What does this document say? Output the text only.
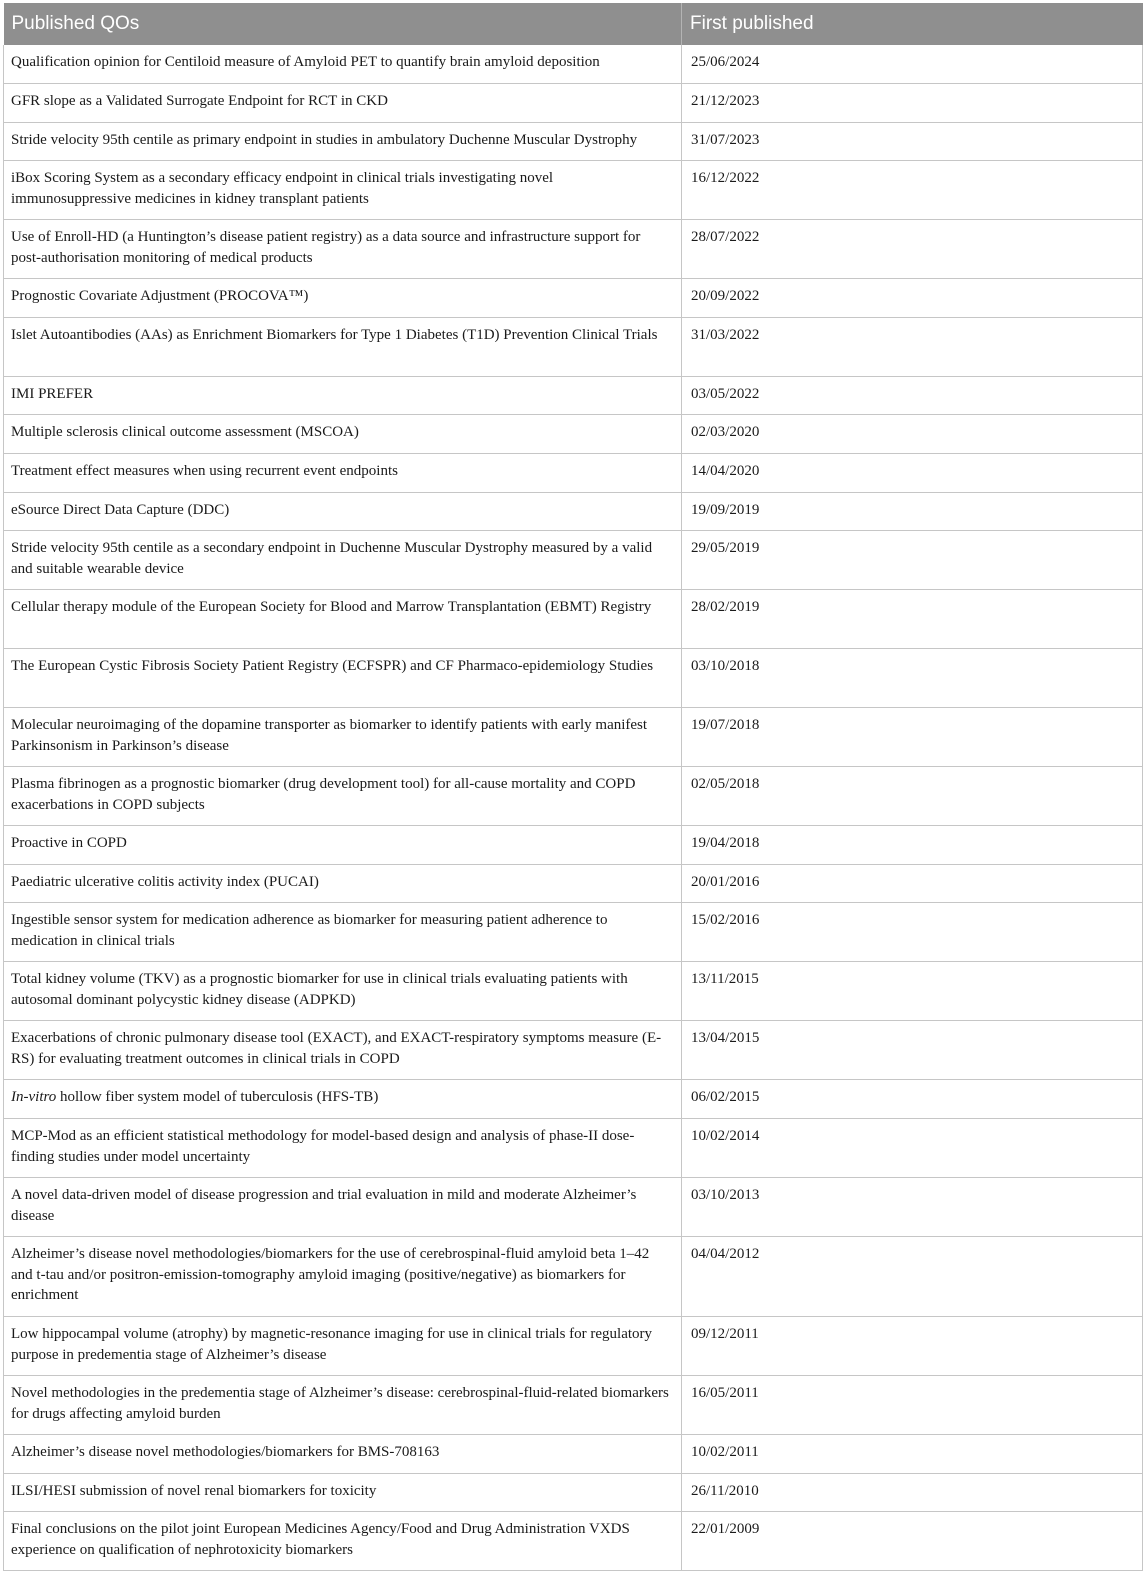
Published QOs	First published
Qualification opinion for Centiloid measure of Amyloid PET to quantify brain amyloid deposition	25/06/2024
GFR slope as a Validated Surrogate Endpoint for RCT in CKD	21/12/2023
Stride velocity 95th centile as primary endpoint in studies in ambulatory Duchenne Muscular Dystrophy	31/07/2023
iBox Scoring System as a secondary efficacy endpoint in clinical trials investigating novel immunosuppressive medicines in kidney transplant patients	16/12/2022
Use of Enroll-HD (a Huntington’s disease patient registry) as a data source and infrastructure support for post-authorisation monitoring of medical products	28/07/2022
Prognostic Covariate Adjustment (PROCOVA™)	20/09/2022
Islet Autoantibodies (AAs) as Enrichment Biomarkers for Type 1 Diabetes (T1D) Prevention Clinical Trials	31/03/2022
IMI PREFER	03/05/2022
Multiple sclerosis clinical outcome assessment (MSCOA)	02/03/2020
Treatment effect measures when using recurrent event endpoints	14/04/2020
eSource Direct Data Capture (DDC)	19/09/2019
Stride velocity 95th centile as a secondary endpoint in Duchenne Muscular Dystrophy measured by a valid and suitable wearable device	29/05/2019
Cellular therapy module of the European Society for Blood and Marrow Transplantation (EBMT) Registry	28/02/2019
The European Cystic Fibrosis Society Patient Registry (ECFSPR) and CF Pharmaco-epidemiology Studies	03/10/2018
Molecular neuroimaging of the dopamine transporter as biomarker to identify patients with early manifest Parkinsonism in Parkinson’s disease	19/07/2018
Plasma fibrinogen as a prognostic biomarker (drug development tool) for all-cause mortality and COPD exacerbations in COPD subjects	02/05/2018
Proactive in COPD	19/04/2018
Paediatric ulcerative colitis activity index (PUCAI)	20/01/2016
Ingestible sensor system for medication adherence as biomarker for measuring patient adherence to medication in clinical trials	15/02/2016
Total kidney volume (TKV) as a prognostic biomarker for use in clinical trials evaluating patients with autosomal dominant polycystic kidney disease (ADPKD)	13/11/2015
Exacerbations of chronic pulmonary disease tool (EXACT), and EXACT-respiratory symptoms measure (E-RS) for evaluating treatment outcomes in clinical trials in COPD	13/04/2015
In-vitro hollow fiber system model of tuberculosis (HFS-TB)	06/02/2015
MCP-Mod as an efficient statistical methodology for model-based design and analysis of phase-II dose-finding studies under model uncertainty	10/02/2014
A novel data-driven model of disease progression and trial evaluation in mild and moderate Alzheimer’s disease	03/10/2013
Alzheimer’s disease novel methodologies/biomarkers for the use of cerebrospinal-fluid amyloid beta 1–42 and t-tau and/or positron-emission-tomography amyloid imaging (positive/negative) as biomarkers for enrichment	04/04/2012
Low hippocampal volume (atrophy) by magnetic-resonance imaging for use in clinical trials for regulatory purpose in predementia stage of Alzheimer’s disease	09/12/2011
Novel methodologies in the predementia stage of Alzheimer’s disease: cerebrospinal-fluid-related biomarkers for drugs affecting amyloid burden	16/05/2011
Alzheimer’s disease novel methodologies/biomarkers for BMS-708163	10/02/2011
ILSI/HESI submission of novel renal biomarkers for toxicity	26/11/2010
Final conclusions on the pilot joint European Medicines Agency/Food and Drug Administration VXDS experience on qualification of nephrotoxicity biomarkers	22/01/2009
